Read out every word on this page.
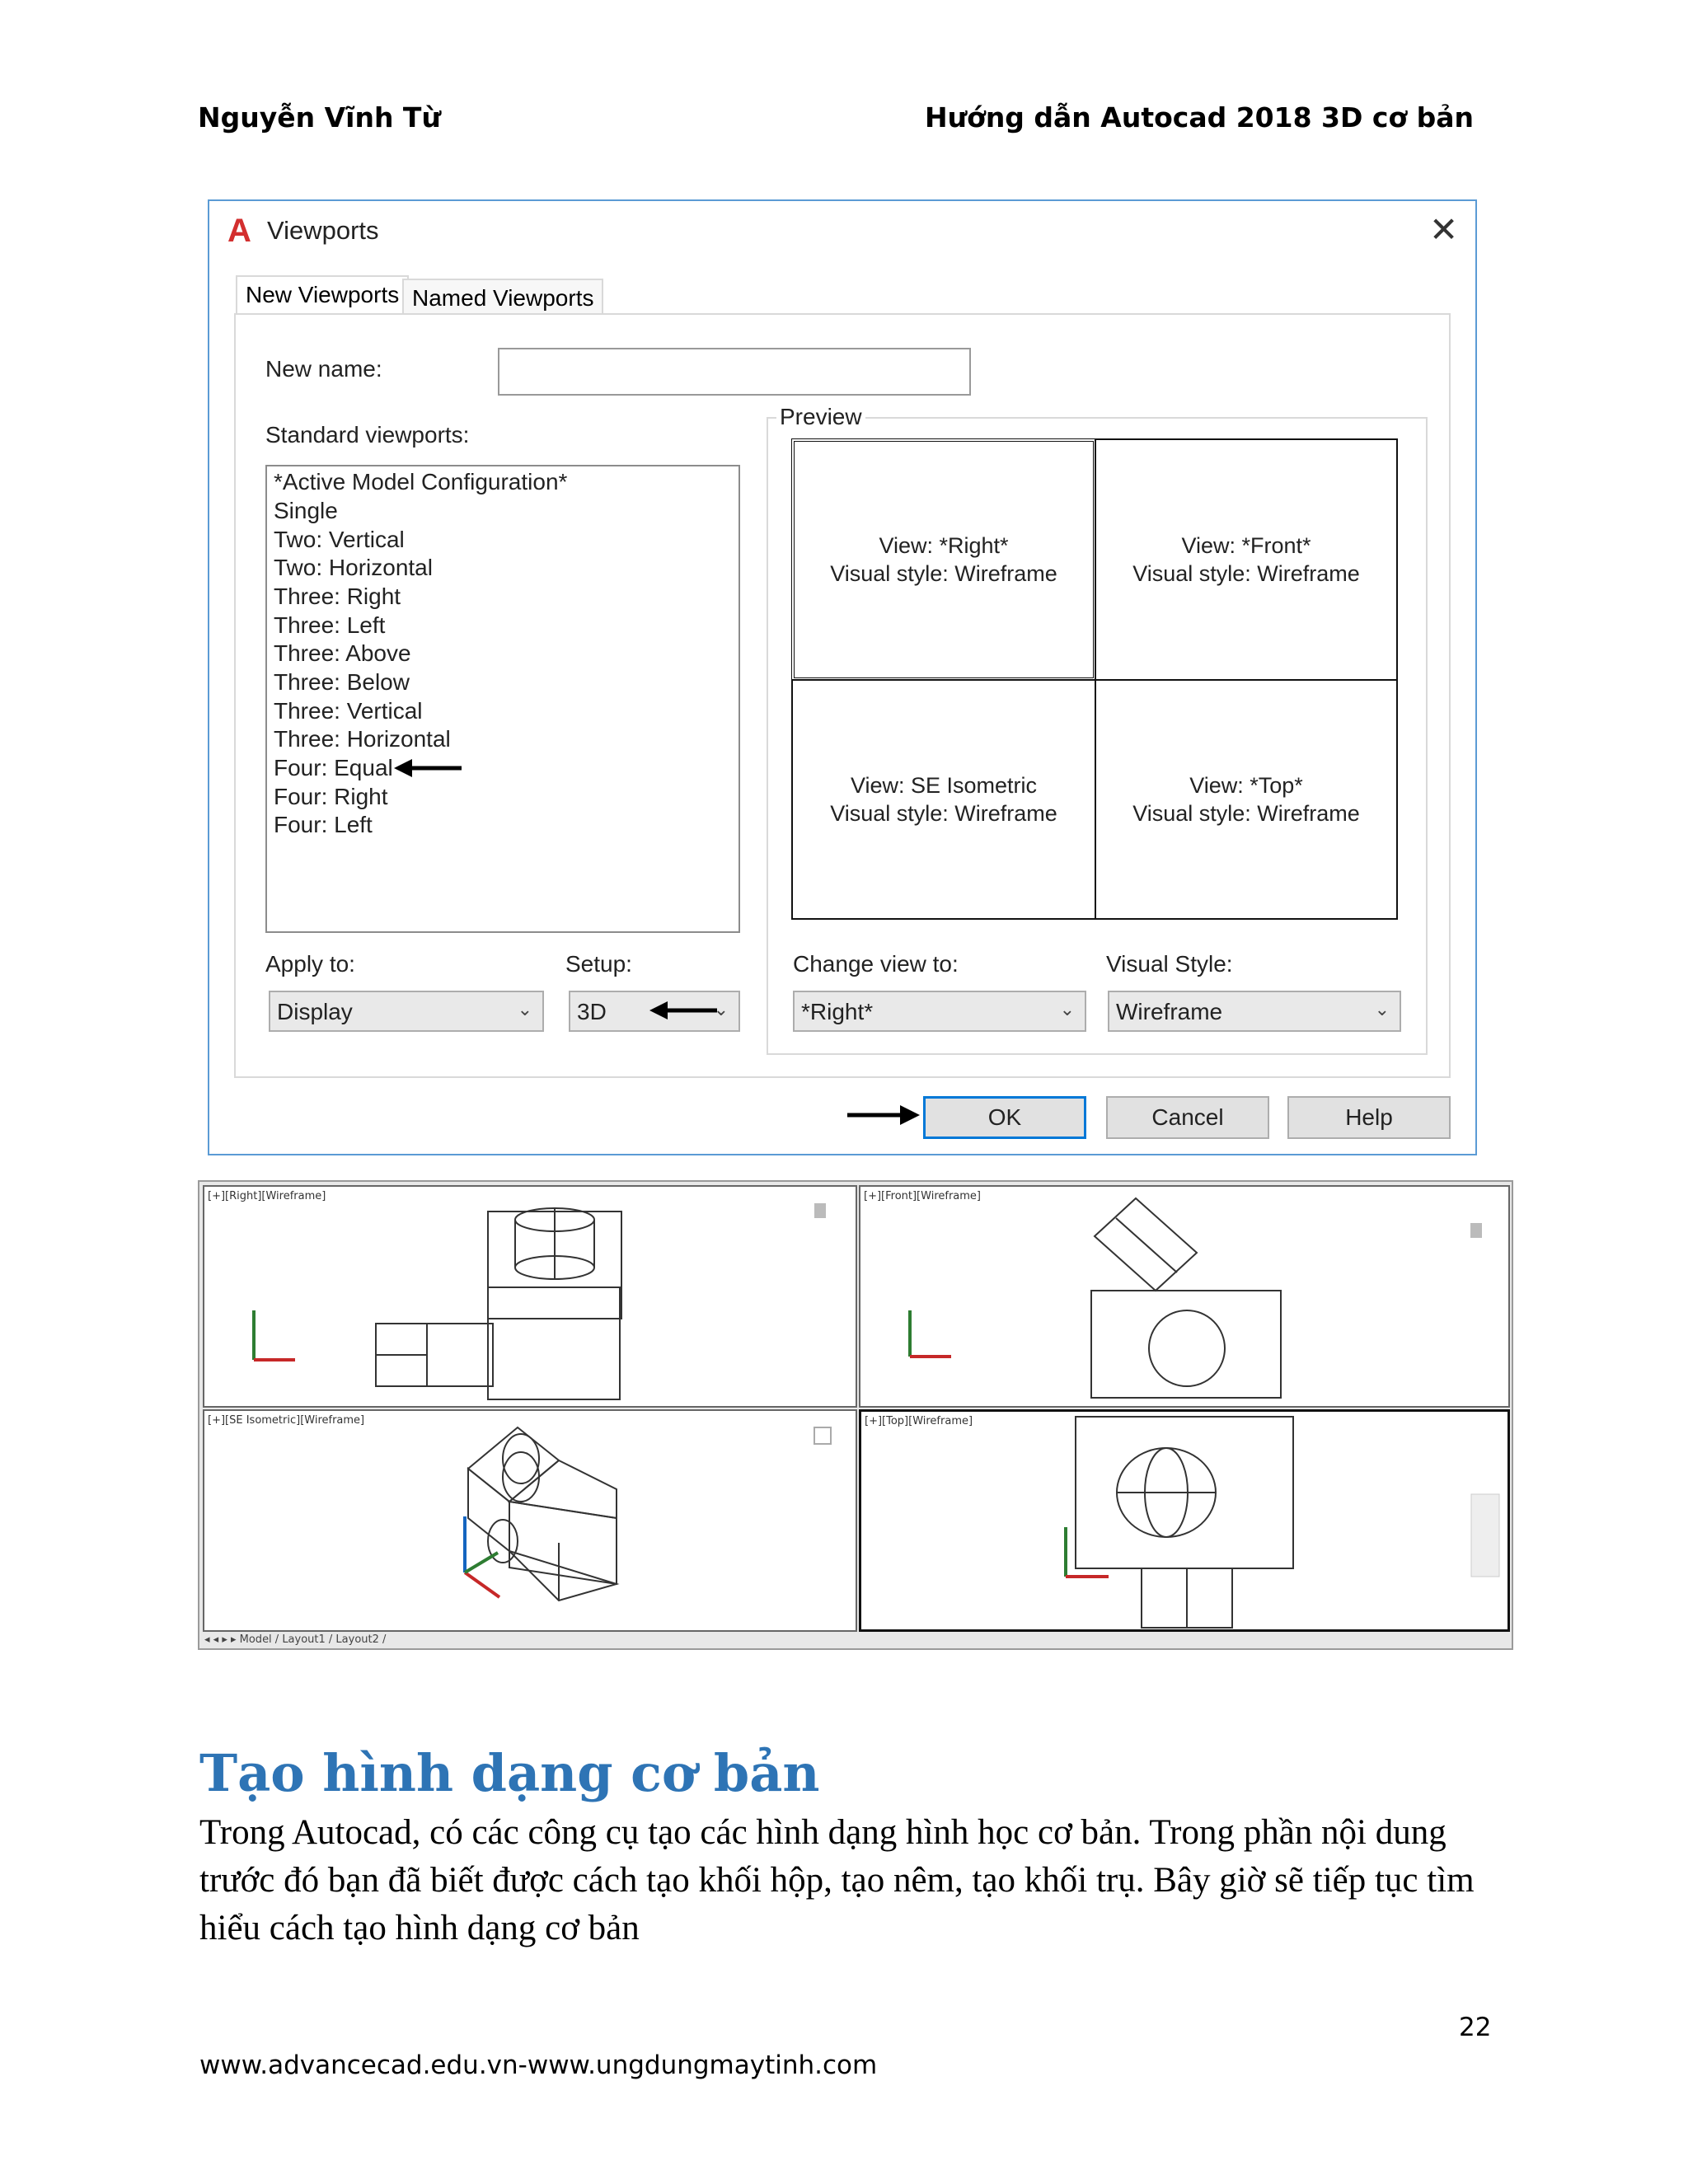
Nguyễn Vĩnh Từ	Hướng dẫn Autocad 2018 3D cơ bản
A Viewports	✕
New Viewports Named Viewports
New name:
Standard viewports:
*Active Model Configuration*
Single
Two: Vertical
Two: Horizontal
Three: Right
Three: Left
Three: Above
Three: Below
Three: Vertical
Three: Horizontal
Four: Equal
Four: Right
Four: Left
Preview
View: *Right*
Visual style: Wireframe
View: *Front*
Visual style: Wireframe
View: SE Isometric
Visual style: Wireframe
View: *Top*
Visual style: Wireframe
Apply to:
Display	⌄
Setup:
3D	⌄
Change view to:
*Right*	⌄
Visual Style:
Wireframe	⌄
OK	Cancel	Help
[+][Right][Wireframe]	[+][Front][Wireframe]
[+][SE Isometric][Wireframe]	[+][Top][Wireframe]
◂ ◂ ▸ ▸ Model / Layout1 / Layout2 /
Tạo hình dạng cơ bản
Trong Autocad, có các công cụ tạo các hình dạng hình học cơ bản. Trong phần nội dung trước đó bạn đã biết được cách tạo khối hộp, tạo nêm, tạo khối trụ. Bây giờ sẽ tiếp tục tìm hiểu cách tạo hình dạng cơ bản
22
www.advancecad.edu.vn-www.ungdungmaytinh.com
